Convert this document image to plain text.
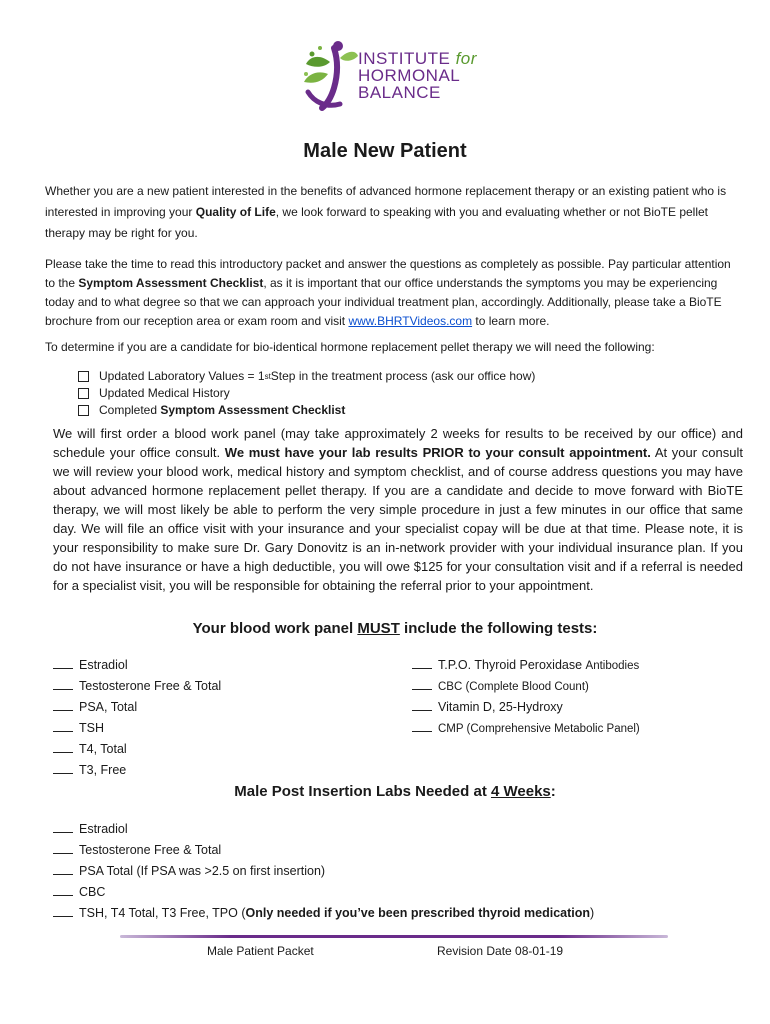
INSTITUTE for
HORMONAL
BALANCE
Male New Patient

Whether you are a new patient interested in the benefits of advanced hormone replacement therapy or an existing patient who is interested in improving your Quality of Life, we look forward to speaking with you and evaluating whether or not BioTE pellet therapy may be right for you.

Please take the time to read this introductory packet and answer the questions as completely as possible. Pay particular attention to the Symptom Assessment Checklist, as it is important that our office understands the symptoms you may be experiencing today and to what degree so that we can approach your individual treatment plan, accordingly. Additionally, please take a BioTE brochure from our reception area or exam room and visit www.BHRTVideos.com to learn more.

To determine if you are a candidate for bio-identical hormone replacement pellet therapy we will need the following:

Updated Laboratory Values = 1 st Step in the treatment process (ask our office how)
Updated Medical History
Completed
Symptom Assessment Checklist

We will first order a blood work panel (may take approximately 2 weeks for results to be received by our office) and schedule your office consult. We must have your lab results PRIOR to your consult appointment. At your consult we will review your blood work, medical history and symptom checklist, and of course address questions you may have about advanced hormone replacement pellet therapy. If you are a candidate and decide to move forward with BioTE therapy, we will most likely be able to perform the very simple procedure in just a few minutes in our office that same day. We will file an office visit with your insurance and your specialist copay will be due at that time. Please note, it is your responsibility to make sure Dr. Gary Donovitz is an in-network provider with your individual insurance plan. If you do not have insurance or have a high deductible, you will owe $125 for your consultation visit and if a referral is needed for a specialist visit, you will be responsible for obtaining the referral prior to your appointment.

Your blood work panel MUST include the following tests:
Estradiol
Testosterone Free & Total
PSA, Total
TSH
T4, Total
T3, Free
T.P.O. Thyroid Peroxidase Antibodies
CBC (Complete Blood Count)
Vitamin D, 25-Hydroxy
CMP (Comprehensive Metabolic Panel)
Male Post Insertion Labs Needed at 4 Weeks:
Estradiol
Testosterone Free & Total
PSA Total (If PSA was >2.5 on first insertion)
CBC
TSH, T4 Total, T3 Free, TPO (Only needed if you’ve been prescribed thyroid medication)
Male Patient Packet	Revision Date 08-01-19
